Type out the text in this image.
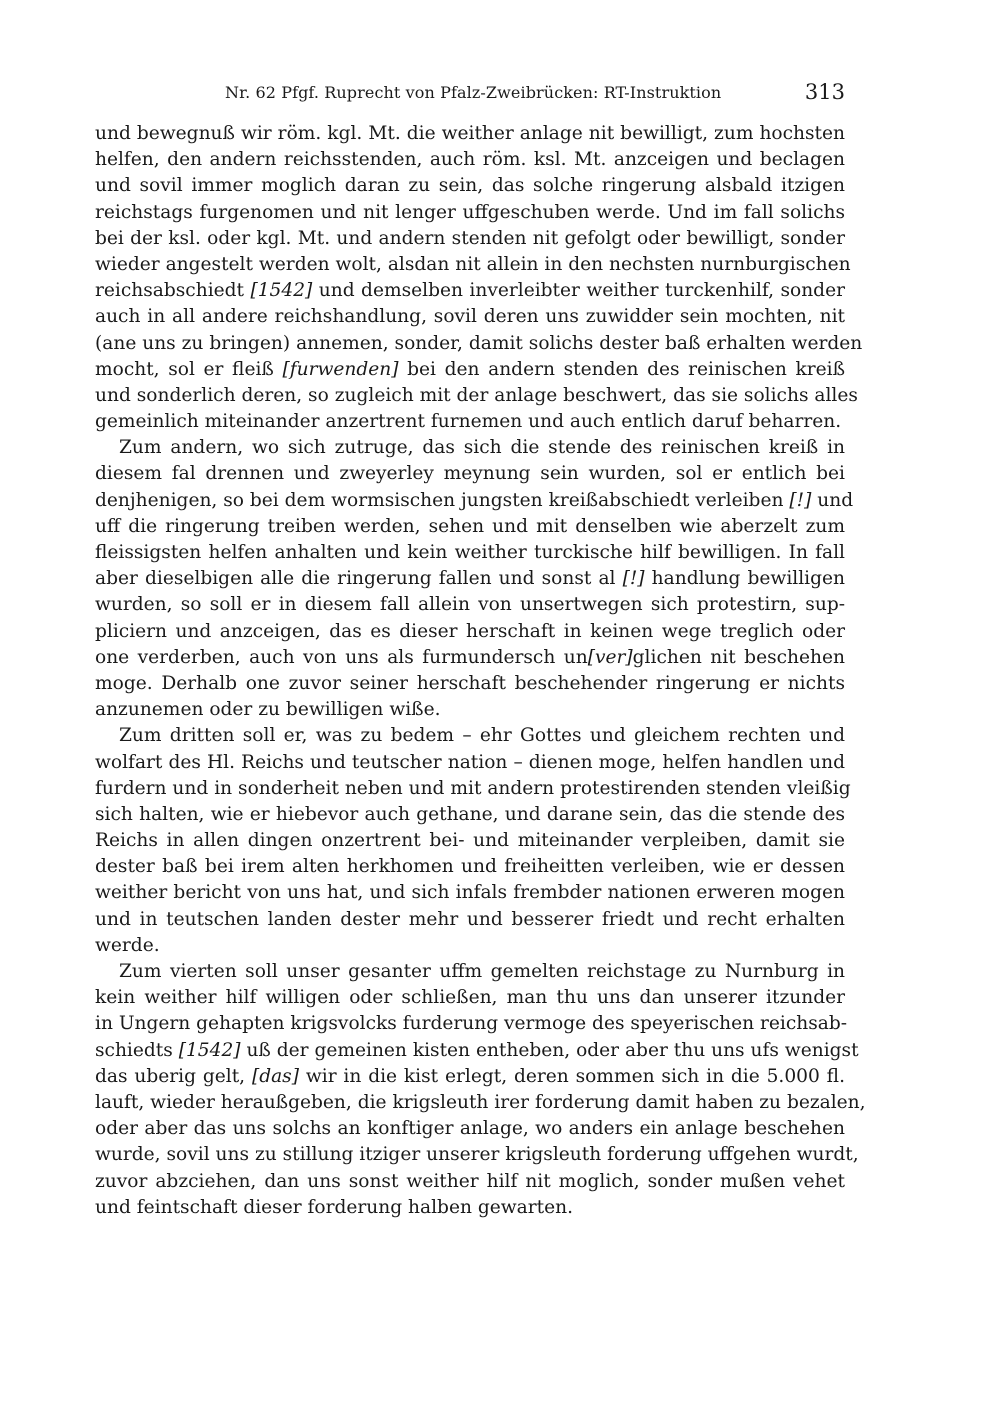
Nr. 62 Pfgf. Ruprecht von Pfalz-Zweibrücken: RT-Instruktion	313
und bewegnuß wir röm. kgl. Mt. die weither anlage nit bewilligt, zum hochsten
helfen, den andern reichsstenden, auch röm. ksl. Mt. anzceigen und beclagen
und sovil immer moglich daran zu sein, das solche ringerung alsbald itzigen
reichstags furgenomen und nit lenger uffgeschuben werde. Und im fall solichs
bei der ksl. oder kgl. Mt. und andern stenden nit gefolgt oder bewilligt, sonder
wieder angestelt werden wolt, alsdan nit allein in den nechsten nurnburgischen
reichsabschiedt [1542] und demselben inverleibter weither turckenhilf, sonder
auch in all andere reichshandlung, sovil deren uns zuwidder sein mochten, nit
(ane uns zu bringen) annemen, sonder, damit solichs dester baß erhalten werden
mocht, sol er fleiß [furwenden] bei den andern stenden des reinischen kreiß
und sonderlich deren, so zugleich mit der anlage beschwert, das sie solichs alles
gemeinlich miteinander anzertrent furnemen und auch entlich daruf beharren.
Zum andern, wo sich zutruge, das sich die stende des reinischen kreiß in
diesem fal drennen und zweyerley meynung sein wurden, sol er entlich bei
denjhenigen, so bei dem wormsischen jungsten kreißabschiedt verleiben [!] und
uff die ringerung treiben werden, sehen und mit denselben wie aberzelt zum
fleissigsten helfen anhalten und kein weither turckische hilf bewilligen. In fall
aber dieselbigen alle die ringerung fallen und sonst al [!] handlung bewilligen
wurden, so soll er in diesem fall allein von unsertwegen sich protestirn, sup-
pliciern und anzceigen, das es dieser herschaft in keinen wege treglich oder
one verderben, auch von uns als furmundersch un[ver]glichen nit beschehen
moge. Derhalb one zuvor seiner herschaft beschehender ringerung er nichts
anzunemen oder zu bewilligen wiße.
Zum dritten soll er, was zu bedem – ehr Gottes und gleichem rechten und
wolfart des Hl. Reichs und teutscher nation – dienen moge, helfen handlen und
furdern und in sonderheit neben und mit andern protestirenden stenden vleißig
sich halten, wie er hiebevor auch gethane, und darane sein, das die stende des
Reichs in allen dingen onzertrent bei- und miteinander verpleiben, damit sie
dester baß bei irem alten herkhomen und freiheitten verleiben, wie er dessen
weither bericht von uns hat, und sich infals frembder nationen erweren mogen
und in teutschen landen dester mehr und besserer friedt und recht erhalten
werde.
Zum vierten soll unser gesanter uffm gemelten reichstage zu Nurnburg in
kein weither hilf willigen oder schließen, man thu uns dan unserer itzunder
in Ungern gehapten krigsvolcks furderung vermoge des speyerischen reichsab-
schiedts [1542] uß der gemeinen kisten entheben, oder aber thu uns ufs wenigst
das uberig gelt, [das] wir in die kist erlegt, deren sommen sich in die 5.000 fl.
lauft, wieder heraußgeben, die krigsleuth irer forderung damit haben zu bezalen,
oder aber das uns solchs an konftiger anlage, wo anders ein anlage beschehen
wurde, sovil uns zu stillung itziger unserer krigsleuth forderung uffgehen wurdt,
zuvor abzciehen, dan uns sonst weither hilf nit moglich, sonder mußen vehet
und feintschaft dieser forderung halben gewarten.
